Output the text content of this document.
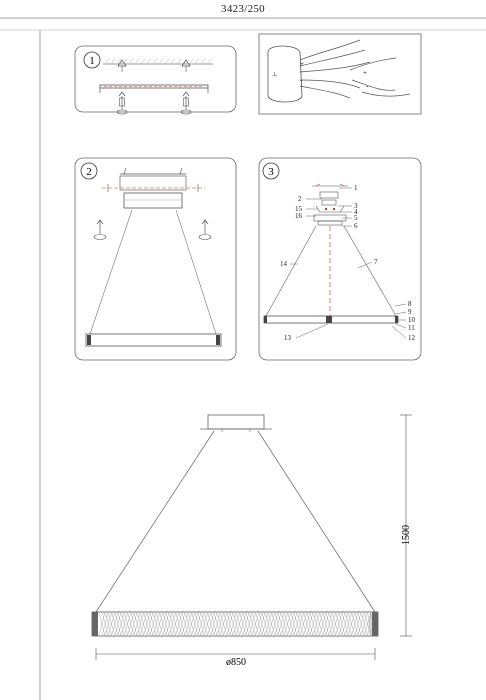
3423/250
1
⊥
+
-
+
-
2	3
1
2
3
4
5
6
7
8
9
10
11
12
13
14
15
16
1500
ø850
